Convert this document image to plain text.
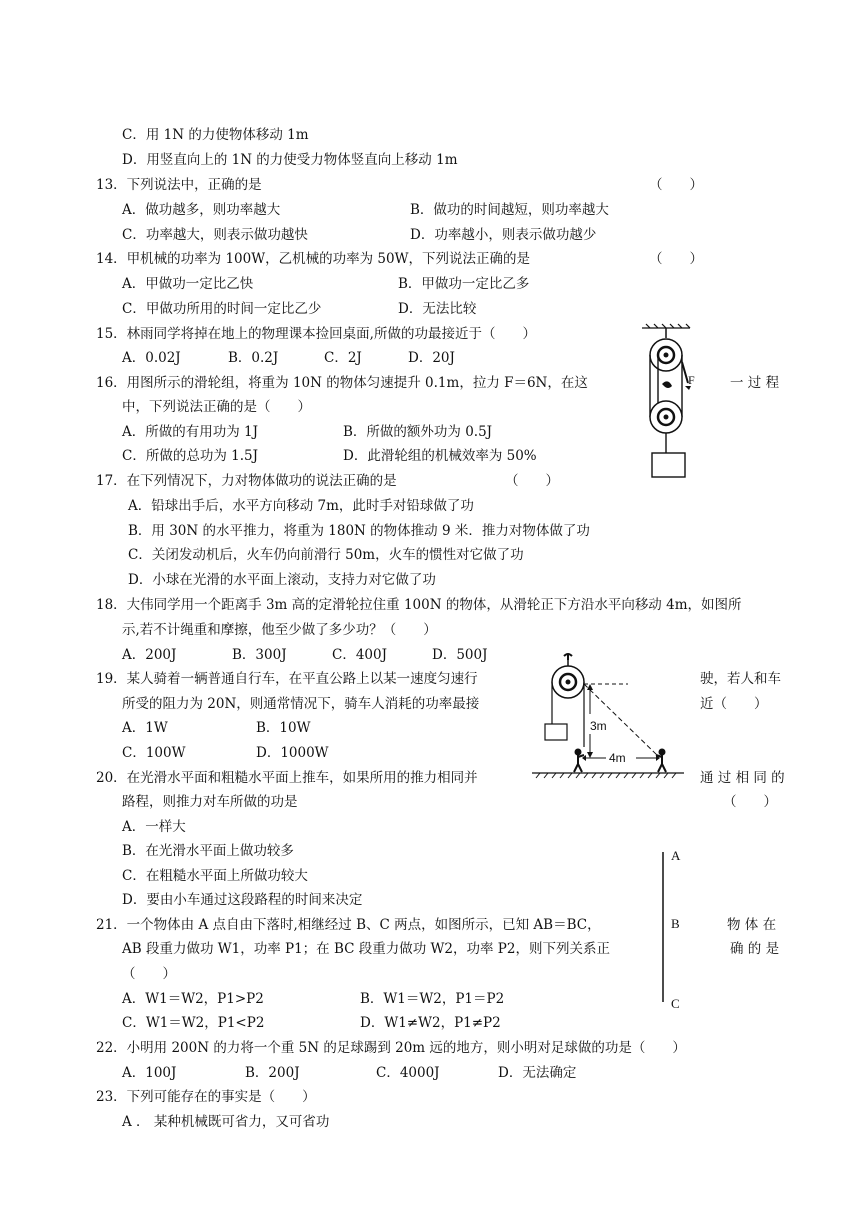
C．用 1N 的力使物体移动 1m
D．用竖直向上的 1N 的力使受力物体竖直向上移动 1m
13．下列说法中，正确的是	（　　）
A．做功越多，则功率越大	B．做功的时间越短，则功率越大
C．功率越大，则表示做功越快	D．功率越小，则表示做功越少
14．甲机械的功率为 100W，乙机械的功率为 50W，下列说法正确的是	（　　）
A．甲做功一定比乙快	B．甲做功一定比乙多
C．甲做功所用的时间一定比乙少	D．无法比较
15．林雨同学将掉在地上的物理课本捡回桌面,所做的功最接近于（　　）
A．0.02J	B．0.2J	C．2J	D．20J
16．用图所示的滑轮组，将重为 10N 的物体匀速提升 0.1m，拉力 F＝6N，在这	一 过 程
中，下列说法正确的是（　　）
A．所做的有用功为 1J	B．所做的额外功为 0.5J
C．所做的总功为 1.5J	D．此滑轮组的机械效率为 50%
17．在下列情况下，力对物体做功的说法正确的是	（　　）
A．铅球出手后，水平方向移动 7m，此时手对铅球做了功
B．用 30N 的水平推力，将重为 180N 的物体推动 9 米．推力对物体做了功
C．关闭发动机后，火车仍向前滑行 50m，火车的惯性对它做了功
D．小球在光滑的水平面上滚动，支持力对它做了功
18．大伟同学用一个距离手 3m 高的定滑轮拉住重 100N 的物体，从滑轮正下方沿水平向移动 4m，如图所
示,若不计绳重和摩擦，他至少做了多少功？（　　）
A．200J	B．300J	C．400J	D．500J
19．某人骑着一辆普通自行车，在平直公路上以某一速度匀速行	驶，若人和车
所受的阻力为 20N，则通常情况下，骑车人消耗的功率最接	近（　　）
A．1W	B．10W
C．100W	D．1000W
20．在光滑水平面和粗糙水平面上推车，如果所用的推力相同并	通 过 相 同 的
路程，则推力对车所做的功是	（　　）
A．一样大
B．在光滑水平面上做功较多
C．在粗糙水平面上所做功较大
D．要由小车通过这段路程的时间来决定
21．一个物体由 A 点自由下落时,相继经过 B、C 两点，如图所示，已知 AB＝BC，	物 体 在
AB 段重力做功 W1，功率 P1；在 BC 段重力做功 W2，功率 P2，则下列关系正	确 的 是
（　　）
A．W1＝W2，P1>P2	B．W1＝W2，P1＝P2
C．W1＝W2，P1<P2	D．W1≠W2，P1≠P2
22．小明用 200N 的力将一个重 5N 的足球踢到 20m 远的地方，则小明对足球做的功是（　　）
A．100J	B．200J	C．4000J	D．无法确定
23．下列可能存在的事实是（　　）
A ． 某种机械既可省力，又可省功
F
3m
4m
A
B
C
